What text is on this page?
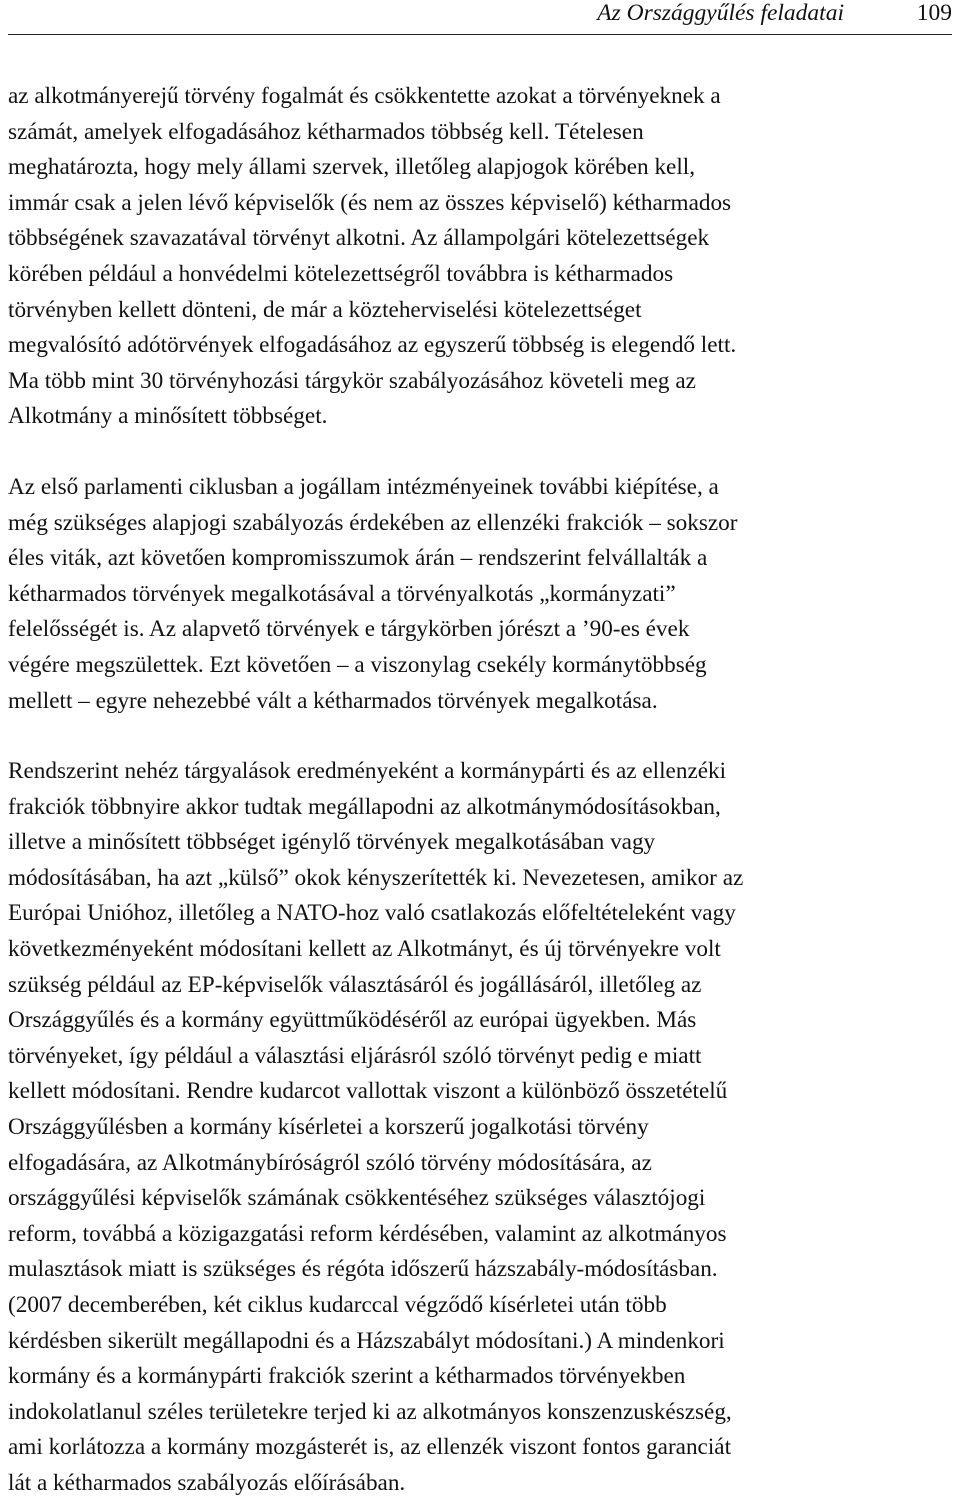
Az Országgyűlés feladatai	109

az alkotmányerejű törvény fogalmát és csökkentette azokat a törvényeknek a
számát, amelyek elfogadásához kétharmados többség kell. Tételesen
meghatározta, hogy mely állami szervek, illetőleg alapjogok körében kell,
immár csak a jelen lévő képviselők (és nem az összes képviselő) kétharmados
többségének szavazatával törvényt alkotni. Az állampolgári kötelezettségek
körében például a honvédelmi kötelezettségről továbbra is kétharmados
törvényben kellett dönteni, de már a közteherviselési kötelezettséget
megvalósító adótörvények elfogadásához az egyszerű többség is elegendő lett.
Ma több mint 30 törvényhozási tárgykör szabályozásához követeli meg az
Alkotmány a minősített többséget.

Az első parlamenti ciklusban a jogállam intézményeinek további kiépítése, a
még szükséges alapjogi szabályozás érdekében az ellenzéki frakciók – sokszor
éles viták, azt követően kompromisszumok árán – rendszerint felvállalták a
kétharmados törvények megalkotásával a törvényalkotás „kormányzati”
felelősségét is. Az alapvető törvények e tárgykörben jórészt a ’90-es évek
végére megszülettek. Ezt követően – a viszonylag csekély kormánytöbbség
mellett – egyre nehezebbé vált a kétharmados törvények megalkotása.

Rendszerint nehéz tárgyalások eredményeként a kormánypárti és az ellenzéki
frakciók többnyire akkor tudtak megállapodni az alkotmánymódosításokban,
illetve a minősített többséget igénylő törvények megalkotásában vagy
módosításában, ha azt „külső” okok kényszerítették ki. Nevezetesen, amikor az
Európai Unióhoz, illetőleg a NATO-hoz való csatlakozás előfeltételeként vagy
következményeként módosítani kellett az Alkotmányt, és új törvényekre volt
szükség például az EP-képviselők választásáról és jogállásáról, illetőleg az
Országgyűlés és a kormány együttműködéséről az európai ügyekben. Más
törvényeket, így például a választási eljárásról szóló törvényt pedig e miatt
kellett módosítani. Rendre kudarcot vallottak viszont a különböző összetételű
Országgyűlésben a kormány kísérletei a korszerű jogalkotási törvény
elfogadására, az Alkotmánybíróságról szóló törvény módosítására, az
országgyűlési képviselők számának csökkentéséhez szükséges választójogi
reform, továbbá a közigazgatási reform kérdésében, valamint az alkotmányos
mulasztások miatt is szükséges és régóta időszerű házszabály-módosításban.
(2007 decemberében, két ciklus kudarccal végződő kísérletei után több
kérdésben sikerült megállapodni és a Házszabályt módosítani.) A mindenkori
kormány és a kormánypárti frakciók szerint a kétharmados törvényekben
indokolatlanul széles területekre terjed ki az alkotmányos konszenzuskészség,
ami korlátozza a kormány mozgásterét is, az ellenzék viszont fontos garanciát
lát a kétharmados szabályozás előírásában.
